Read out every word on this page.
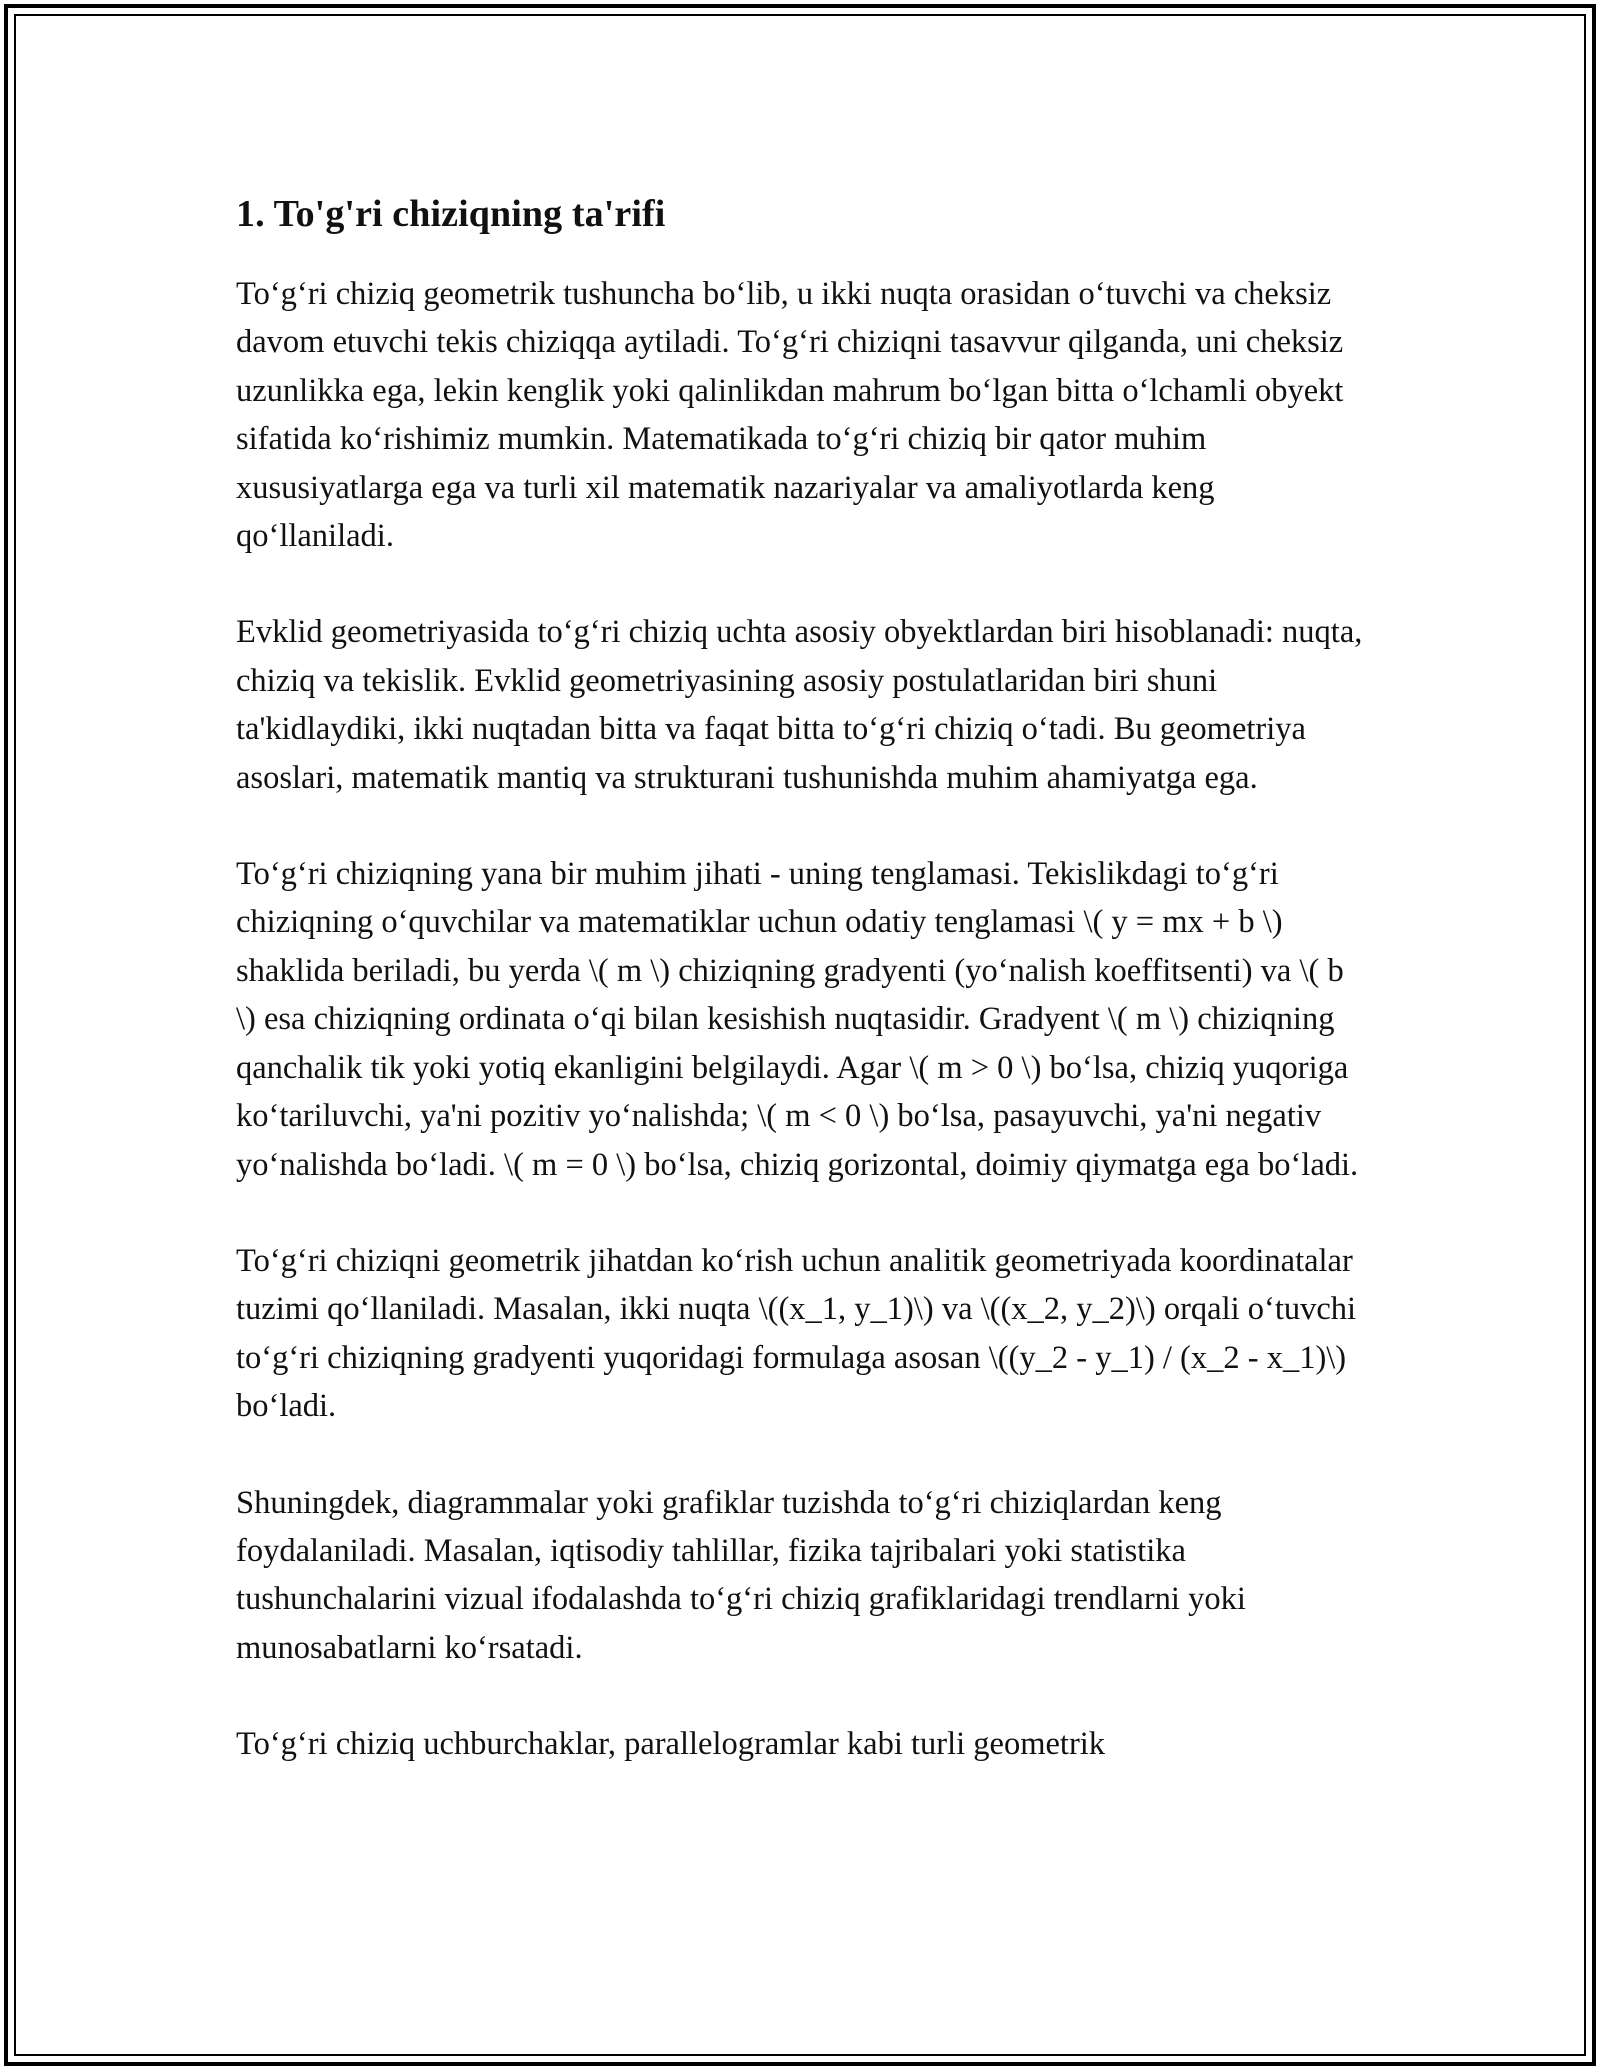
1. To'g'ri chiziqning ta'rifi

To‘g‘ri chiziq geometrik tushuncha bo‘lib, u ikki nuqta orasidan o‘tuvchi va cheksiz davom etuvchi tekis chiziqqa aytiladi. To‘g‘ri chiziqni tasavvur qilganda, uni cheksiz uzunlikka ega, lekin kenglik yoki qalinlikdan mahrum bo‘lgan bitta o‘lchamli obyekt sifatida ko‘rishimiz mumkin. Matematikada to‘g‘ri chiziq bir qator muhim xususiyatlarga ega va turli xil matematik nazariyalar va amaliyotlarda keng qo‘llaniladi.

Evklid geometriyasida to‘g‘ri chiziq uchta asosiy obyektlardan biri hisoblanadi: nuqta, chiziq va tekislik. Evklid geometriyasining asosiy postulatlaridan biri shuni ta'kidlaydiki, ikki nuqtadan bitta va faqat bitta to‘g‘ri chiziq o‘tadi. Bu geometriya asoslari, matematik mantiq va strukturani tushunishda muhim ahamiyatga ega.

To‘g‘ri chiziqning yana bir muhim jihati - uning tenglamasi. Tekislikdagi to‘g‘ri chiziqning o‘quvchilar va matematiklar uchun odatiy tenglamasi \( y = mx + b \) shaklida beriladi, bu yerda \( m \) chiziqning gradyenti (yo‘nalish koeffitsenti) va \( b \) esa chiziqning ordinata o‘qi bilan kesishish nuqtasidir. Gradyent \( m \) chiziqning qanchalik tik yoki yotiq ekanligini belgilaydi. Agar \( m > 0 \) bo‘lsa, chiziq yuqoriga ko‘tariluvchi, ya'ni pozitiv yo‘nalishda; \( m < 0 \) bo‘lsa, pasayuvchi, ya'ni negativ yo‘nalishda bo‘ladi. \( m = 0 \) bo‘lsa, chiziq gorizontal, doimiy qiymatga ega bo‘ladi.

To‘g‘ri chiziqni geometrik jihatdan ko‘rish uchun analitik geometriyada koordinatalar tuzimi qo‘llaniladi. Masalan, ikki nuqta \((x_1, y_1)\) va \((x_2, y_2)\) orqali o‘tuvchi to‘g‘ri chiziqning gradyenti yuqoridagi formulaga asosan \((y_2 - y_1) / (x_2 - x_1)\) bo‘ladi.

Shuningdek, diagrammalar yoki grafiklar tuzishda to‘g‘ri chiziqlardan keng foydalaniladi. Masalan, iqtisodiy tahlillar, fizika tajribalari yoki statistika tushunchalarini vizual ifodalashda to‘g‘ri chiziq grafiklaridagi trendlarni yoki munosabatlarni ko‘rsatadi.

To‘g‘ri chiziq uchburchaklar, parallelogramlar kabi turli geometrik
